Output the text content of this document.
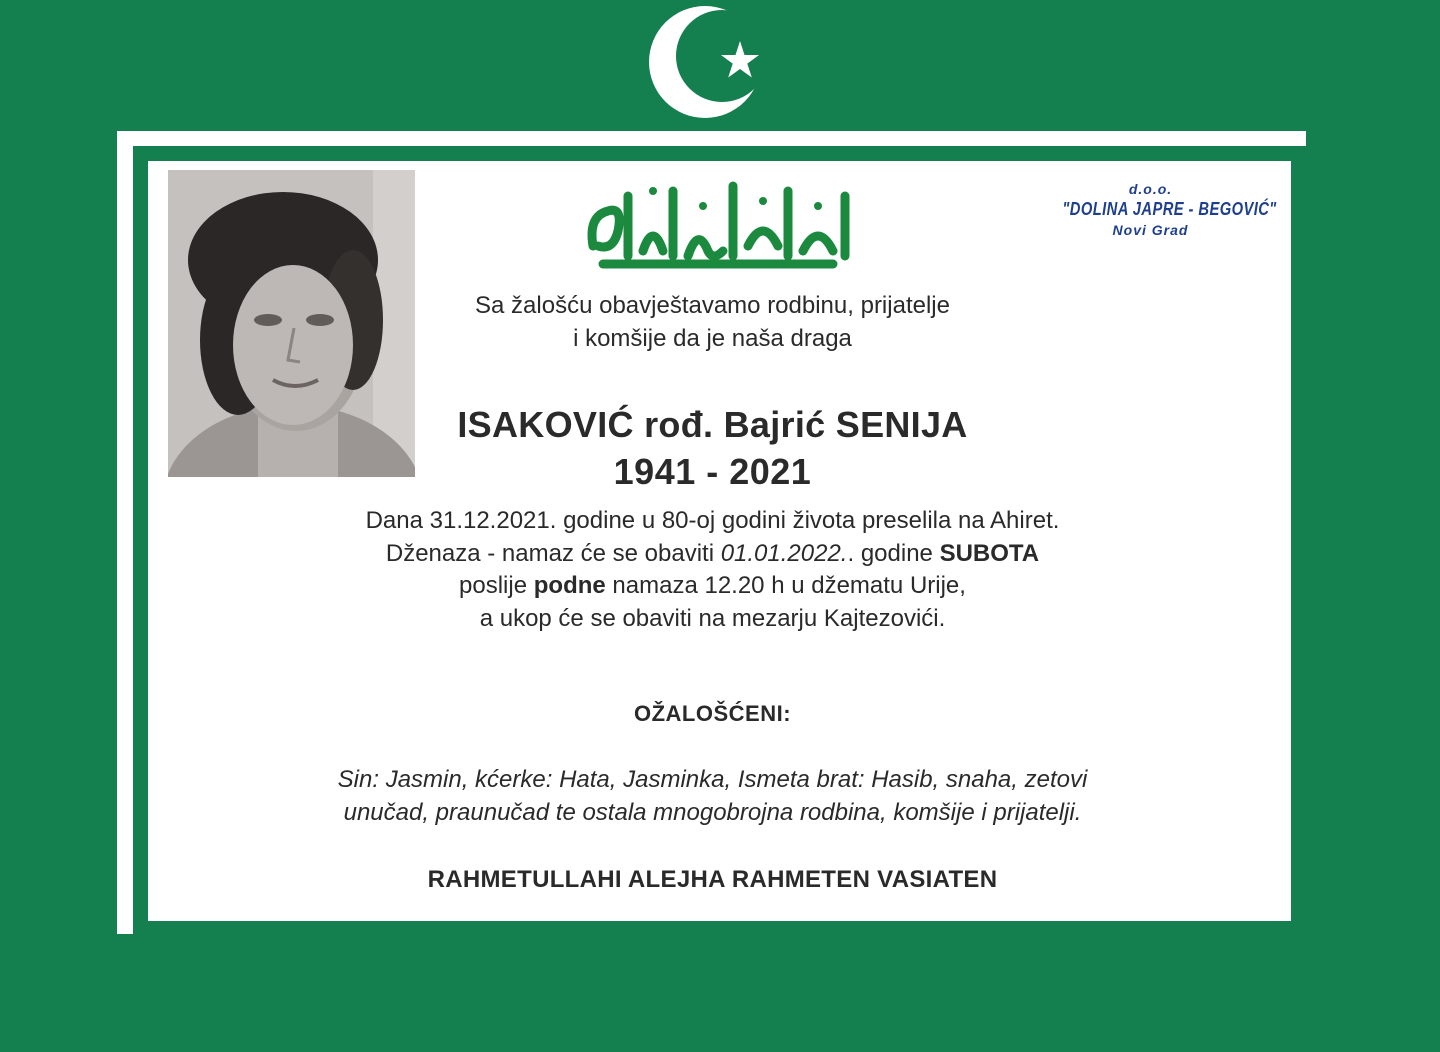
d.o.o.
"DOLINA JAPRE - BEGOVIĆ"
Novi Grad
Sa žalošću obavještavamo rodbinu, prijatelje
i komšije da je naša draga
ISAKOVIĆ rođ. Bajrić SENIJA
1941 - 2021
Dana 31.12.2021. godine u 80-oj godini života preselila na Ahiret.
Dženaza - namaz će se obaviti 01.01.2022.. godine SUBOTA
poslije podne namaza 12.20 h u džematu Urije,
a ukop će se obaviti na mezarju Kajtezovići.
OŽALOŠĆENI:
Sin: Jasmin, kćerke: Hata, Jasminka, Ismeta brat: Hasib, snaha, zetovi
unučad, praunučad te ostala mnogobrojna rodbina, komšije i prijatelji.
RAHMETULLAHI ALEJHA RAHMETEN VASIATEN
